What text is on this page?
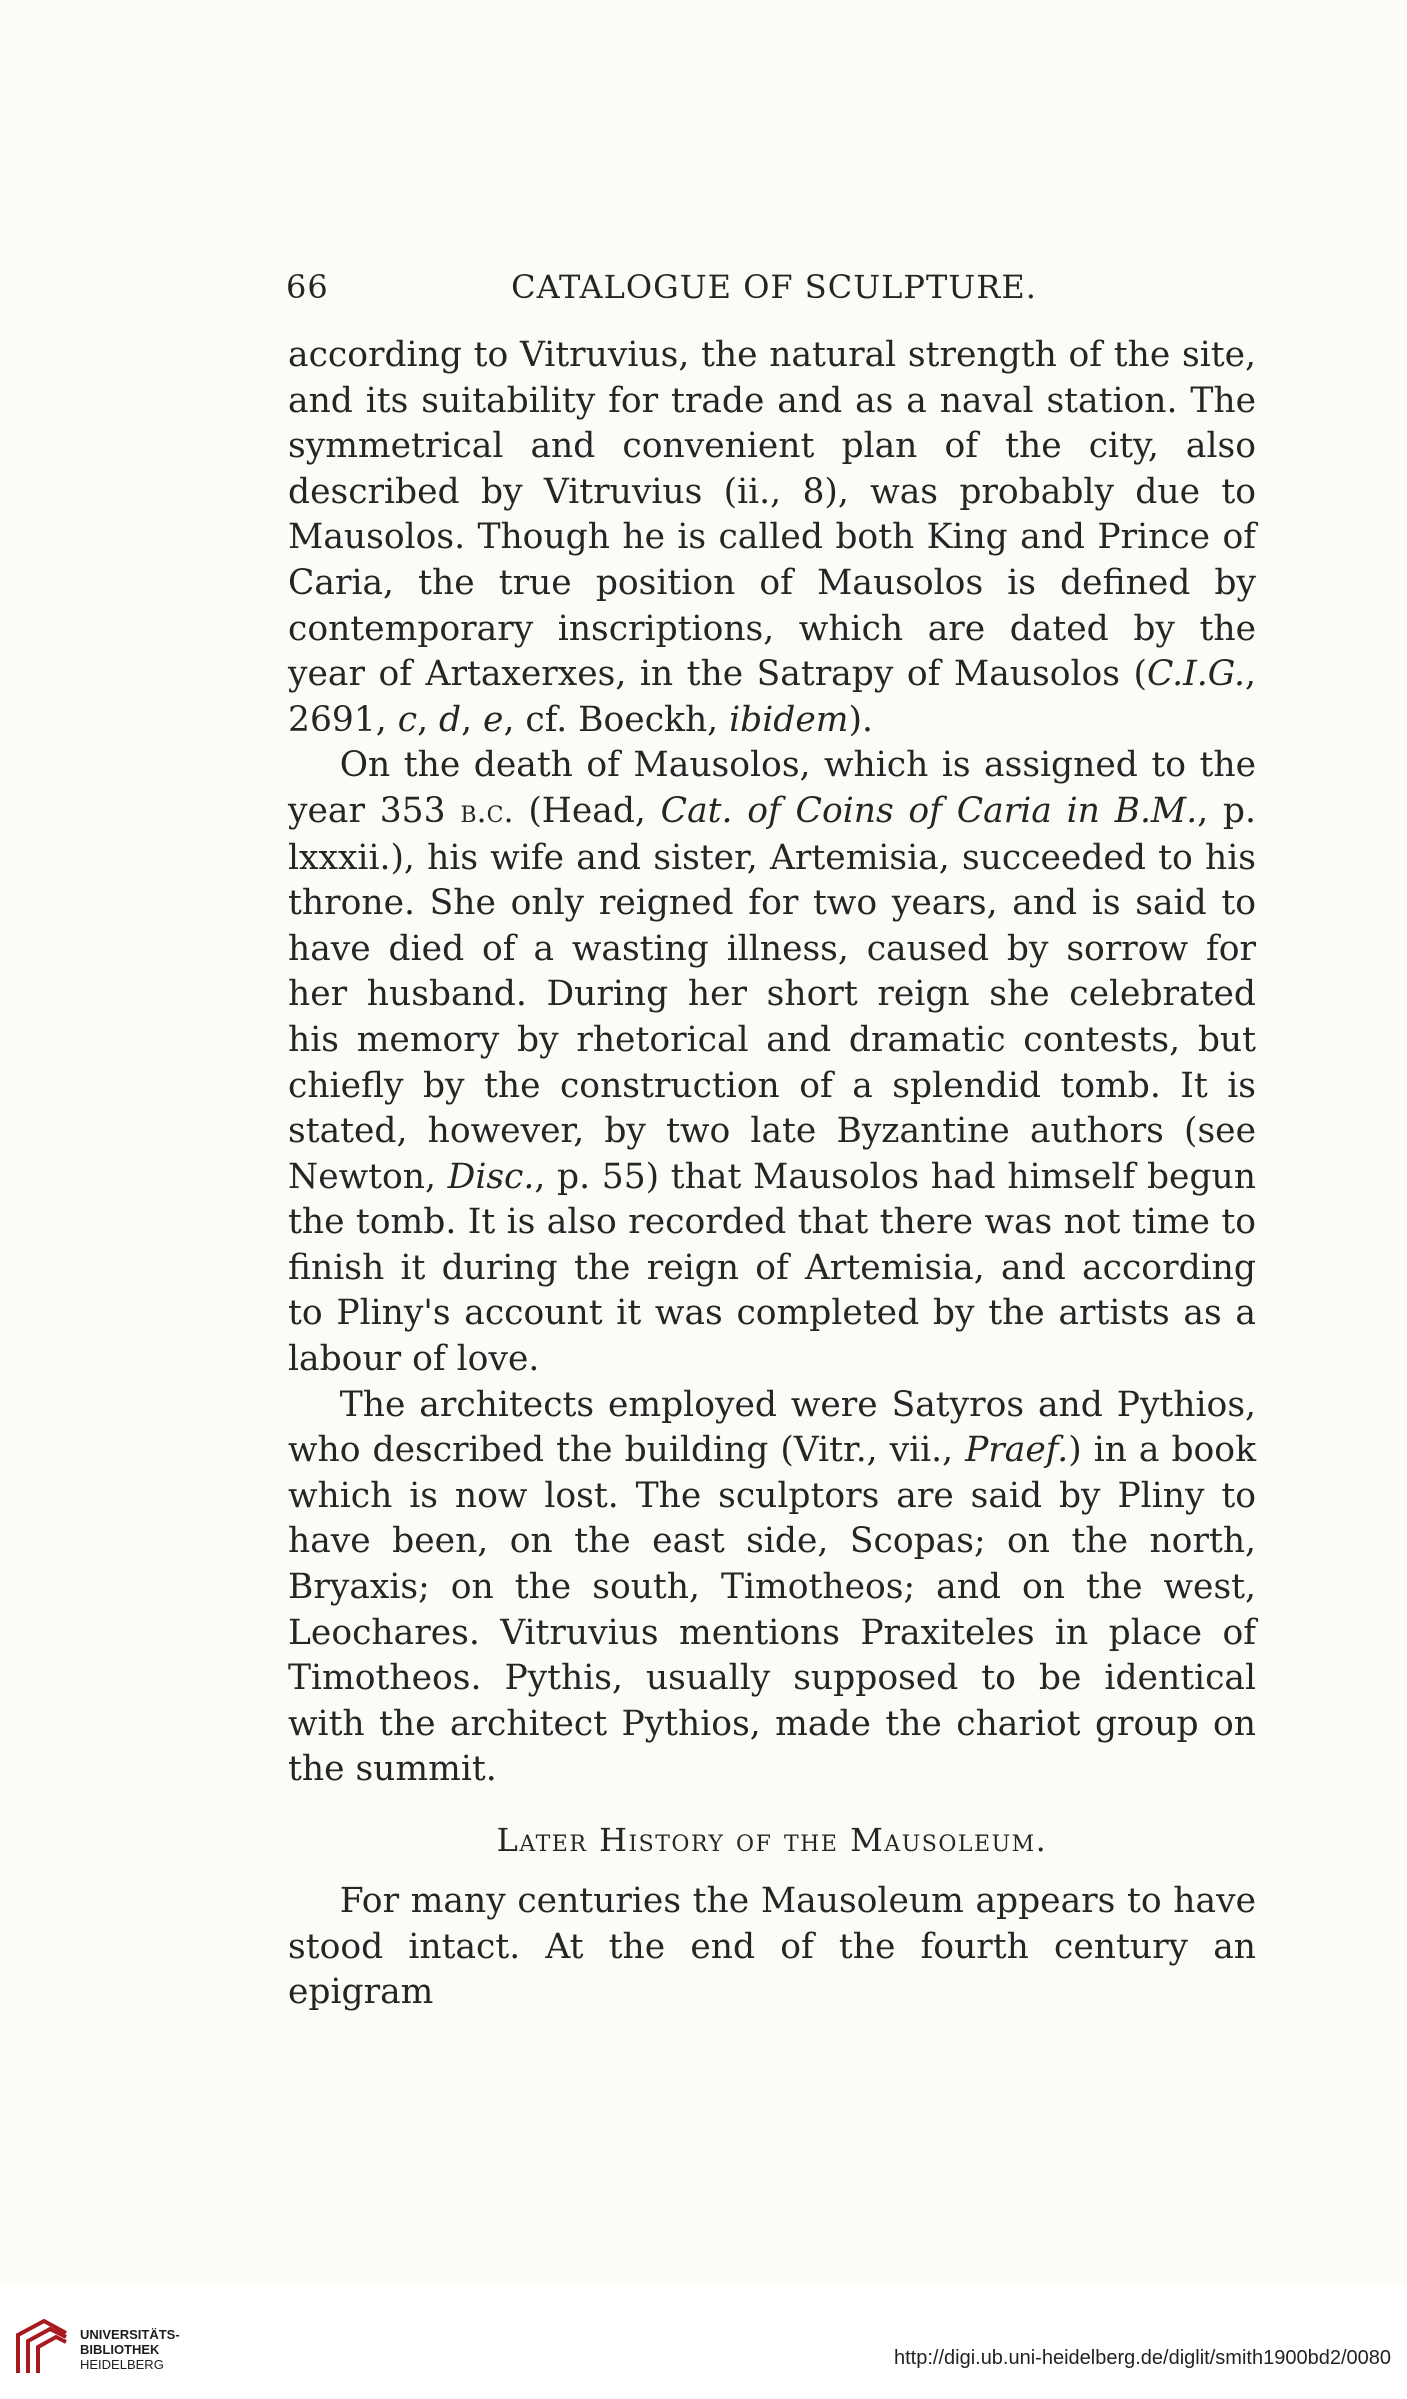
66	CATALOGUE OF SCULPTURE.

according to Vitruvius, the natural strength of the site, and its suitability for trade and as a naval station. The symmetrical and convenient plan of the city, also described by Vitruvius (ii., 8), was probably due to Mausolos. Though he is called both King and Prince of Caria, the true position of Mausolos is defined by contemporary inscriptions, which are dated by the year of Artaxerxes, in the Satrapy of Mausolos (C.I.G., 2691, c, d, e, cf. Boeckh, ibidem).

On the death of Mausolos, which is assigned to the year 353 b.c. (Head, Cat. of Coins of Caria in B.M., p. lxxxii.), his wife and sister, Artemisia, succeeded to his throne. She only reigned for two years, and is said to have died of a wasting illness, caused by sorrow for her husband. During her short reign she celebrated his memory by rhetorical and dramatic contests, but chiefly by the construction of a splendid tomb. It is stated, however, by two late Byzantine authors (see Newton, Disc., p. 55) that Mausolos had himself begun the tomb. It is also recorded that there was not time to finish it during the reign of Artemisia, and according to Pliny's account it was completed by the artists as a labour of love.

The architects employed were Satyros and Pythios, who described the building (Vitr., vii., Praef.) in a book which is now lost. The sculptors are said by Pliny to have been, on the east side, Scopas; on the north, Bryaxis; on the south, Timotheos; and on the west, Leochares. Vitruvius mentions Praxiteles in place of Timotheos. Pythis, usually supposed to be identical with the architect Pythios, made the chariot group on the summit.

Later History of the Mausoleum.

For many centuries the Mausoleum appears to have stood intact. At the end of the fourth century an epigram

UNIVERSITÄTS-
BIBLIOTHEK
HEIDELBERG	http://digi.ub.uni-heidelberg.de/diglit/smith1900bd2/0080
